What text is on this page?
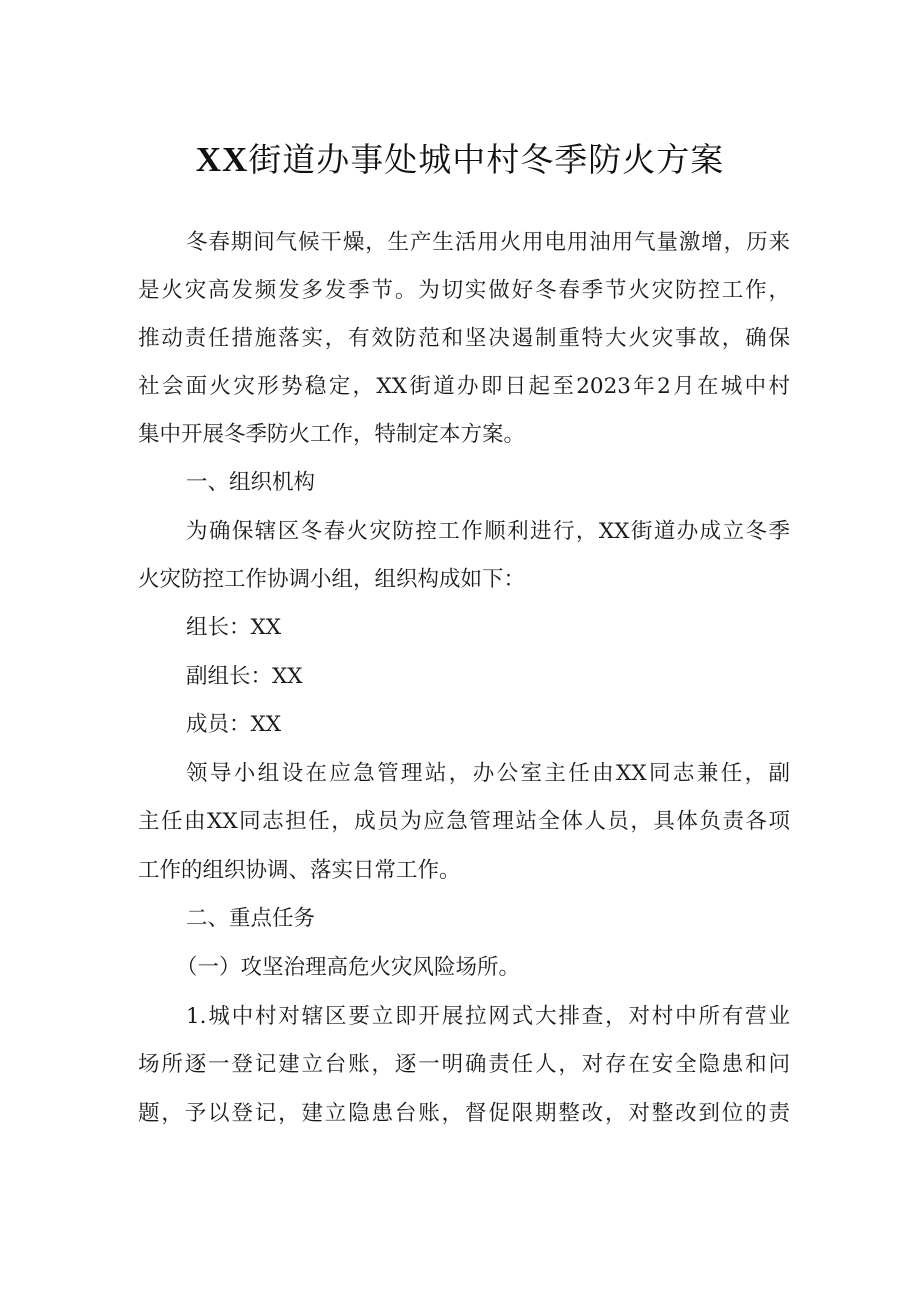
XX街道办事处城中村冬季防火方案
冬春期间气候干燥，生产生活用火用电用油用气量激增，历来
是火灾高发频发多发季节。为切实做好冬春季节火灾防控工作，
推动责任措施落实，有效防范和坚决遏制重特大火灾事故，确保
社会面火灾形势稳定，XX街道办即日起至2023年2月在城中村
集中开展冬季防火工作，特制定本方案。
一、组织机构
为确保辖区冬春火灾防控工作顺利进行，XX街道办成立冬季
火灾防控工作协调小组，组织构成如下：
组长：XX
副组长：XX
成员：XX
领导小组设在应急管理站，办公室主任由XX同志兼任，副
主任由XX同志担任，成员为应急管理站全体人员，具体负责各项
工作的组织协调、落实日常工作。
二、重点任务
（一）攻坚治理高危火灾风险场所。
1.城中村对辖区要立即开展拉网式大排查，对村中所有营业
场所逐一登记建立台账，逐一明确责任人，对存在安全隐患和问
题，予以登记，建立隐患台账，督促限期整改，对整改到位的责
